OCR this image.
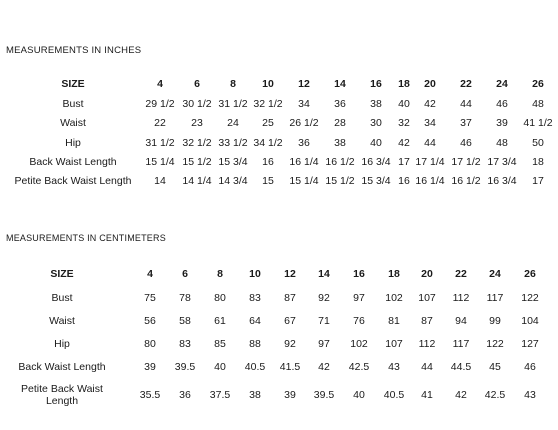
MEASUREMENTS IN INCHES
SIZE	4	6	8 10 12 14 16 18 20 22 24 26
Bust	29 1/2 30 1/2 31 1/2 32 1/2 34 36 38 40 42 44 46 48
Waist	22 23 24 25 26 1/2 28 30 32 34 37 39 41 1/2
Hip	31 1/2 32 1/2 33 1/2 34 1/2 36 38 40 42 44 46 48 50
Back Waist Length	15 1/4 15 1/2 15 3/4 16 16 1/4 16 1/2 16 3/4 17 17 1/4 17 1/2 17 3/4 18
Petite Back Waist Length 14 14 1/4 14 3/4 15 15 1/4 15 1/2 15 3/4 16 16 1/4 16 1/2 16 3/4 17
MEASUREMENTS IN CENTIMETERS
SIZE	4	6	8 10 12 14 16 18 20 22 24 26
Bust	75 78 80 83 87 92 97 102 107 112 117 122
Waist	56 58 61 64 67 71 76 81 87 94 99 104
Hip	80 83 85 88 92 97 102 107 112 117 122 127
Back Waist Length	39 39.5 40 40.5 41.5 42 42.5 43 44 44.5 45 46
Petite Back Waist Length	35.5 36 37.5 38 39 39.5 40 40.5 41 42 42.5 43
